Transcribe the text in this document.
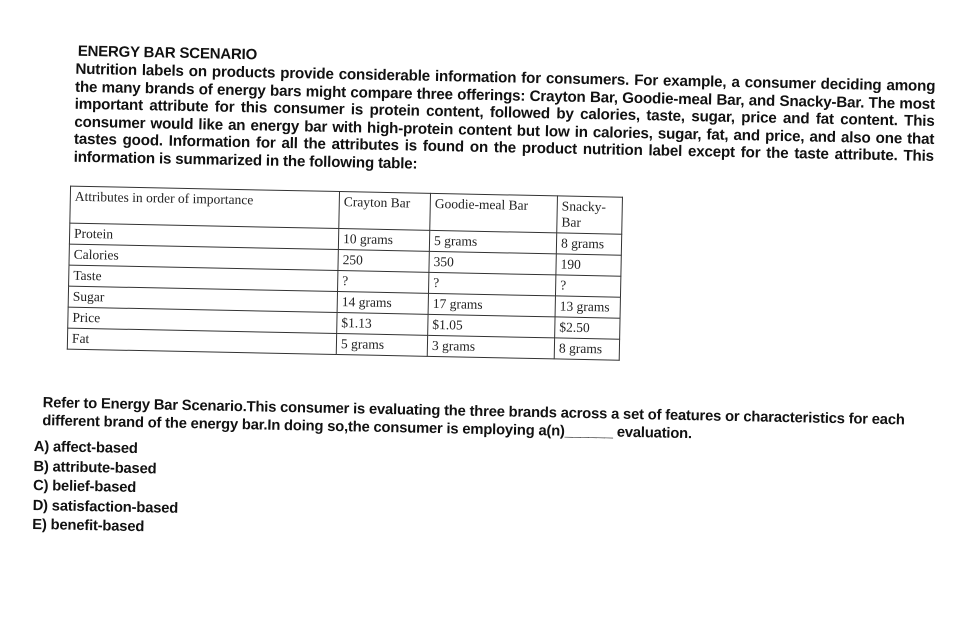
ENERGY BAR SCENARIO
Nutrition labels on products provide considerable information for consumers. For example, a consumer deciding among the many brands of energy bars might compare three offerings: Crayton Bar, Goodie-meal Bar, and Snacky-Bar. The most important attribute for this consumer is protein content, followed by calories, taste, sugar, price and fat content. This consumer would like an energy bar with high-protein content but low in calories, sugar, fat, and price, and also one that tastes good. Information for all the attributes is found on the product nutrition label except for the taste attribute. This information is summarized in the following table:
Attributes in order of importance	Crayton Bar	Goodie-meal Bar	Snacky-Bar
Protein	10 grams	5 grams	8 grams
Calories	250	350	190
Taste	?	?	?
Sugar	14 grams	17 grams	13 grams
Price	$1.13	$1.05	$2.50
Fat	5 grams	3 grams	8 grams
Refer to Energy Bar Scenario.This consumer is evaluating the three brands across a set of features or characteristics for each different brand of the energy bar.In doing so,the consumer is employing a(n)______ evaluation.
A) affect-based
B) attribute-based
C) belief-based
D) satisfaction-based
E) benefit-based
